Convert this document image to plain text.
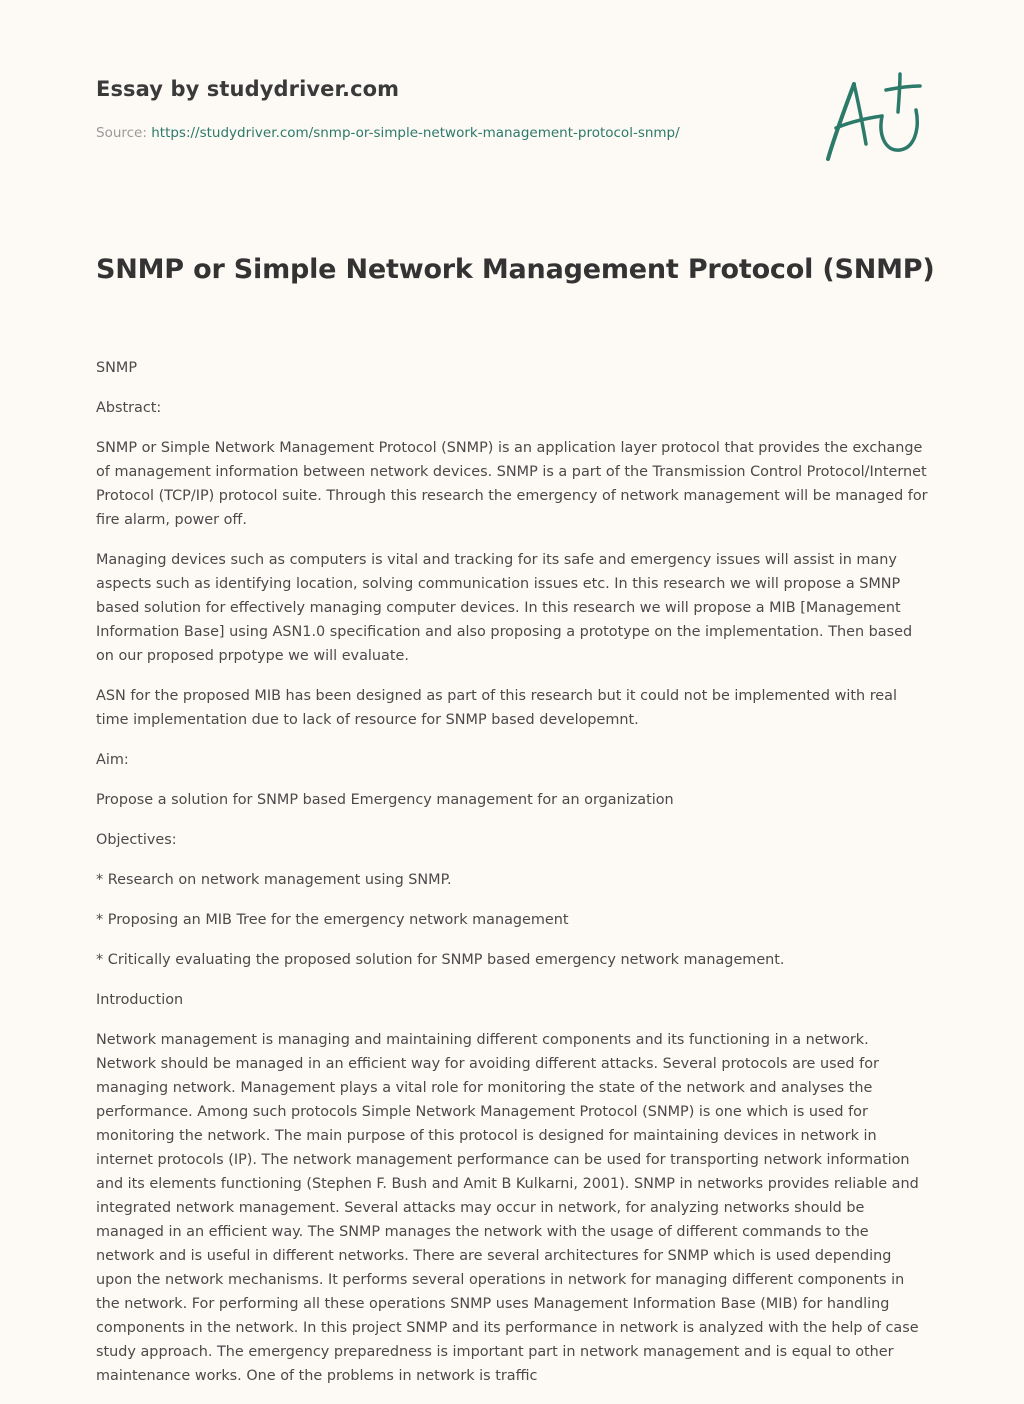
Essay by studydriver.com

Source: https://studydriver.com/snmp-or-simple-network-management-protocol-snmp/

A+
SNMP or Simple Network Management Protocol (SNMP)

SNMP

Abstract:

SNMP or Simple Network Management Protocol (SNMP) is an application layer protocol that provides the exchange of management information between network devices. SNMP is a part of the Transmission Control Protocol/Internet Protocol (TCP/IP) protocol suite. Through this research the emergency of network management will be managed for fire alarm, power off.

Managing devices such as computers is vital and tracking for its safe and emergency issues will assist in many aspects such as identifying location, solving communication issues etc. In this research we will propose a SMNP based solution for effectively managing computer devices. In this research we will propose a MIB [Management Information Base] using ASN1.0 specification and also proposing a prototype on the implementation. Then based on our proposed prpotype we will evaluate.

ASN for the proposed MIB has been designed as part of this research but it could not be implemented with real time implementation due to lack of resource for SNMP based developemnt.

Aim:

Propose a solution for SNMP based Emergency management for an organization

Objectives:

* Research on network management using SNMP.

* Proposing an MIB Tree for the emergency network management

* Critically evaluating the proposed solution for SNMP based emergency network management.

Introduction

Network management is managing and maintaining different components and its functioning in a network. Network should be managed in an efficient way for avoiding different attacks. Several protocols are used for managing network. Management plays a vital role for monitoring the state of the network and analyses the performance. Among such protocols Simple Network Management Protocol (SNMP) is one which is used for monitoring the network. The main purpose of this protocol is designed for maintaining devices in network in internet protocols (IP). The network management performance can be used for transporting network information and its elements functioning (Stephen F. Bush and Amit B Kulkarni, 2001). SNMP in networks provides reliable and integrated network management. Several attacks may occur in network, for analyzing networks should be managed in an efficient way. The SNMP manages the network with the usage of different commands to the network and is useful in different networks. There are several architectures for SNMP which is used depending upon the network mechanisms. It performs several operations in network for managing different components in the network. For performing all these operations SNMP uses Management Information Base (MIB) for handling components in the network. In this project SNMP and its performance in network is analyzed with the help of case study approach. The emergency preparedness is important part in network management and is equal to other maintenance works. One of the problems in network is traffic
